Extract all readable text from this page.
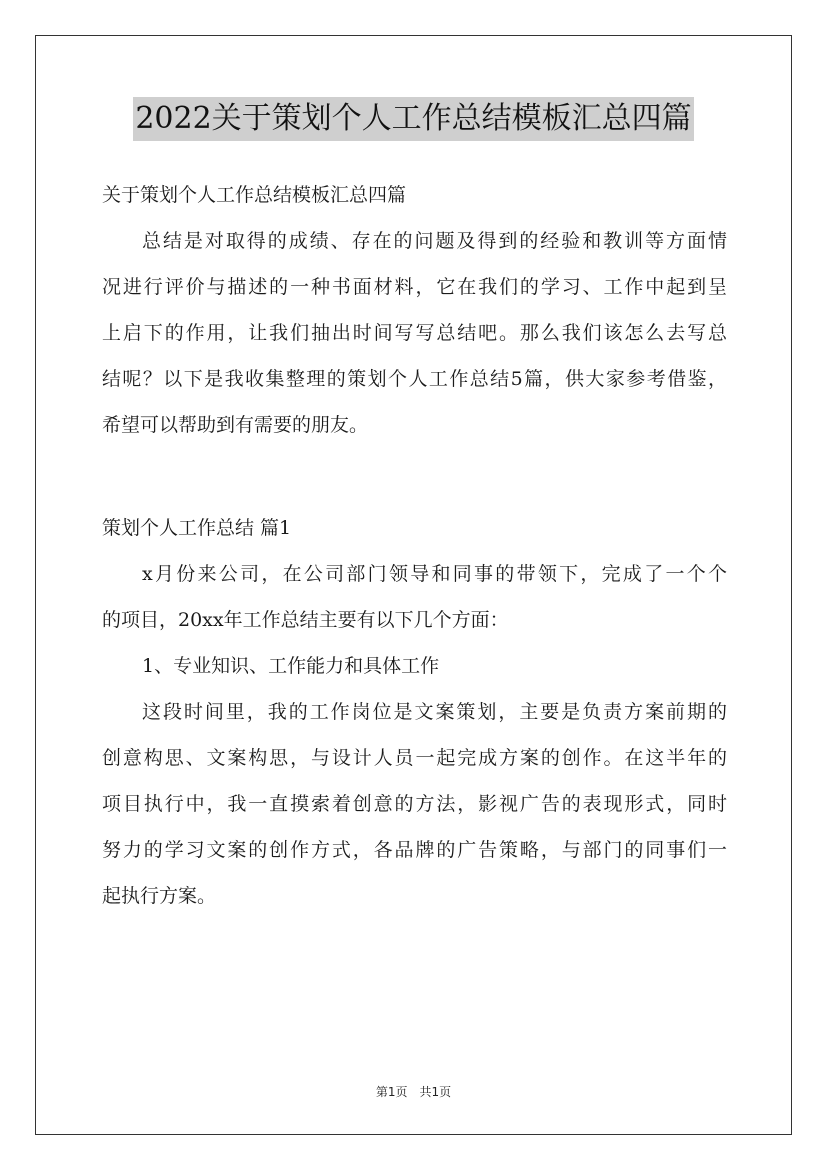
2022关于策划个人工作总结模板汇总四篇
关于策划个人工作总结模板汇总四篇
总结是对取得的成绩、存在的问题及得到的经验和教训等方面情
况进行评价与描述的一种书面材料，它在我们的学习、工作中起到呈
上启下的作用，让我们抽出时间写写总结吧。那么我们该怎么去写总
结呢？以下是我收集整理的策划个人工作总结5篇，供大家参考借鉴，
希望可以帮助到有需要的朋友。
策划个人工作总结 篇1
x月份来公司，在公司部门领导和同事的带领下，完成了一个个
的项目，20xx年工作总结主要有以下几个方面：
1、专业知识、工作能力和具体工作
这段时间里，我的工作岗位是文案策划，主要是负责方案前期的
创意构思、文案构思，与设计人员一起完成方案的创作。在这半年的
项目执行中，我一直摸索着创意的方法，影视广告的表现形式，同时
努力的学习文案的创作方式，各品牌的广告策略，与部门的同事们一
起执行方案。
第1页　共1页
